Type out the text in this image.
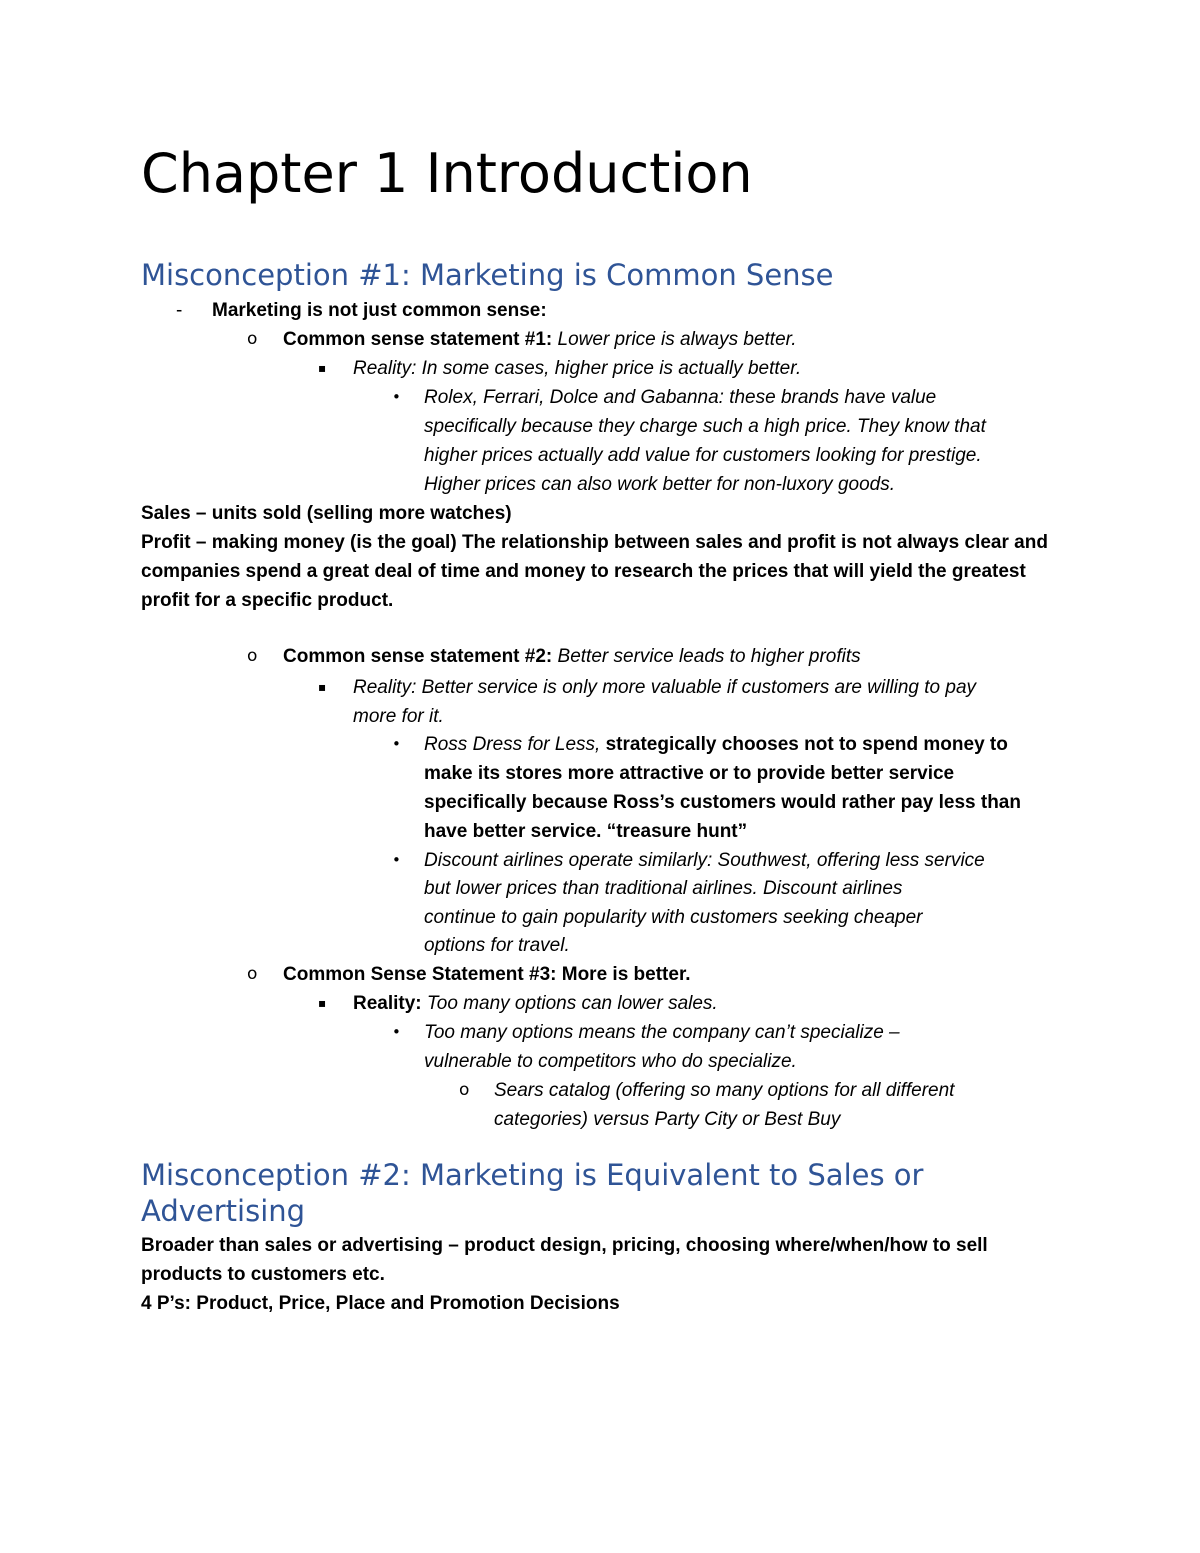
Chapter 1 Introduction
Misconception #1: Marketing is Common Sense
- Marketing is not just common sense:

o Common sense statement #1: Lower price is always better.

▪ Reality: In some cases, higher price is actually better.

• Rolex, Ferrari, Dolce and Gabanna: these brands have value

specifically because they charge such a high price. They know that

higher prices actually add value for customers looking for prestige.

Higher prices can also work better for non-luxory goods.

Sales – units sold (selling more watches)

Profit – making money (is the goal) The relationship between sales and profit is not always clear and companies spend a great deal of time and money to research the prices that will yield the greatest profit for a specific product.

o Common sense statement #2: Better service leads to higher profits

▪ Reality: Better service is only more valuable if customers are willing to pay

more for it.

• Ross Dress for Less, strategically chooses not to spend money to

make its stores more attractive or to provide better service

specifically because Ross’s customers would rather pay less than

have better service. “treasure hunt”

• Discount airlines operate similarly: Southwest, offering less service

but lower prices than traditional airlines. Discount airlines

continue to gain popularity with customers seeking cheaper

options for travel.

o Common Sense Statement #3: More is better.

▪ Reality: Too many options can lower sales.

• Too many options means the company can’t specialize –

vulnerable to competitors who do specialize.

o Sears catalog (offering so many options for all different

categories) versus Party City or Best Buy

Misconception #2: Marketing is Equivalent to Sales or
Advertising

Broader than sales or advertising – product design, pricing, choosing where/when/how to sell

products to customers etc.

4 P’s: Product, Price, Place and Promotion Decisions
